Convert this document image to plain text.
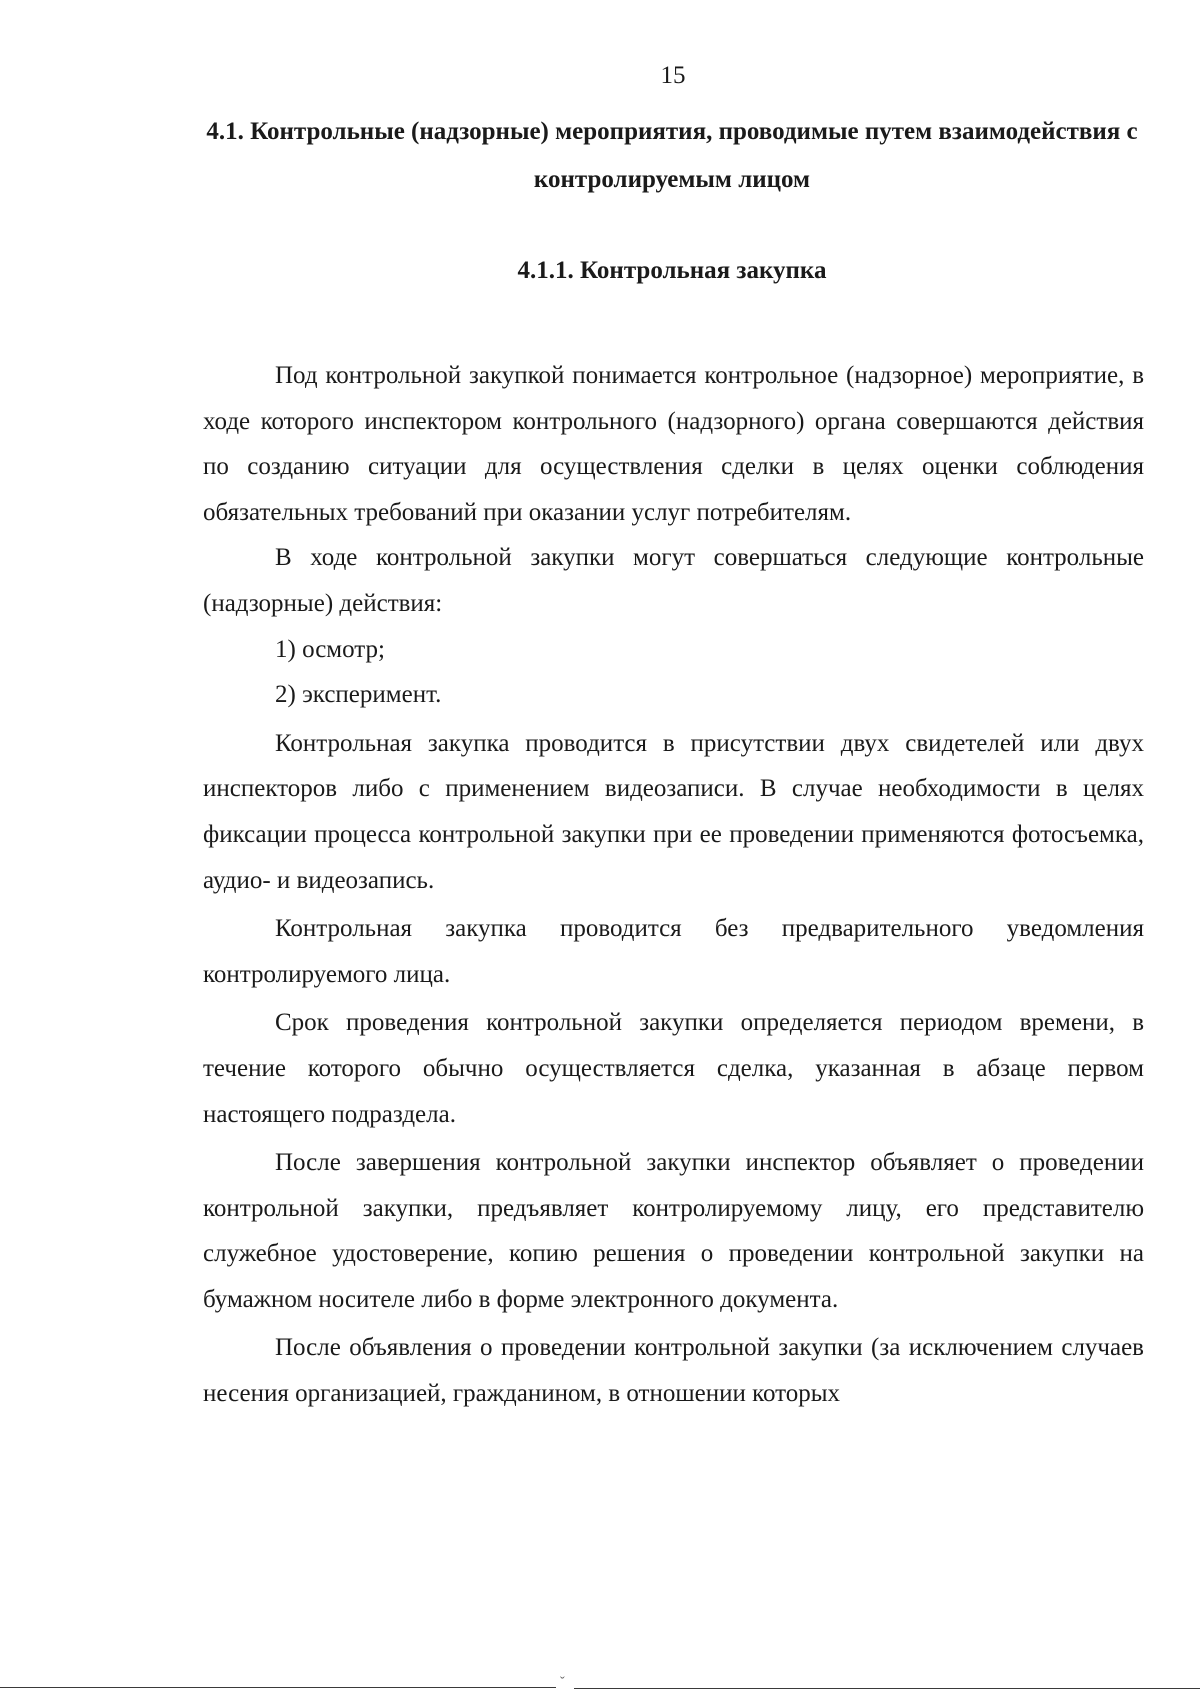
15
4.1. Контрольные (надзорные) мероприятия, проводимые путем взаимодействия с контролируемым лицом
4.1.1. Контрольная закупка

Под контрольной закупкой понимается контрольное (надзорное) мероприятие, в ходе которого инспектором контрольного (надзорного) органа совершаются действия по созданию ситуации для осуществления сделки в целях оценки соблюдения обязательных требований при оказании услуг потребителям.

В ходе контрольной закупки могут совершаться следующие контрольные (надзорные) действия:

1) осмотр;

2) эксперимент.

Контрольная закупка проводится в присутствии двух свидетелей или двух инспекторов либо с применением видеозаписи. В случае необходимости в целях фиксации процесса контрольной закупки при ее проведении применяются фотосъемка, аудио- и видеозапись.

Контрольная закупка проводится без предварительного уведомления контролируемого лица.

Срок проведения контрольной закупки определяется периодом времени, в течение которого обычно осуществляется сделка, указанная в абзаце первом настоящего подраздела.

После завершения контрольной закупки инспектор объявляет о проведении контрольной закупки, предъявляет контролируемому лицу, его представителю служебное удостоверение, копию решения о проведении контрольной закупки на бумажном носителе либо в форме электронного документа.

После объявления о проведении контрольной закупки (за исключением случаев несения организацией, гражданином, в отношении которых

ˇ
